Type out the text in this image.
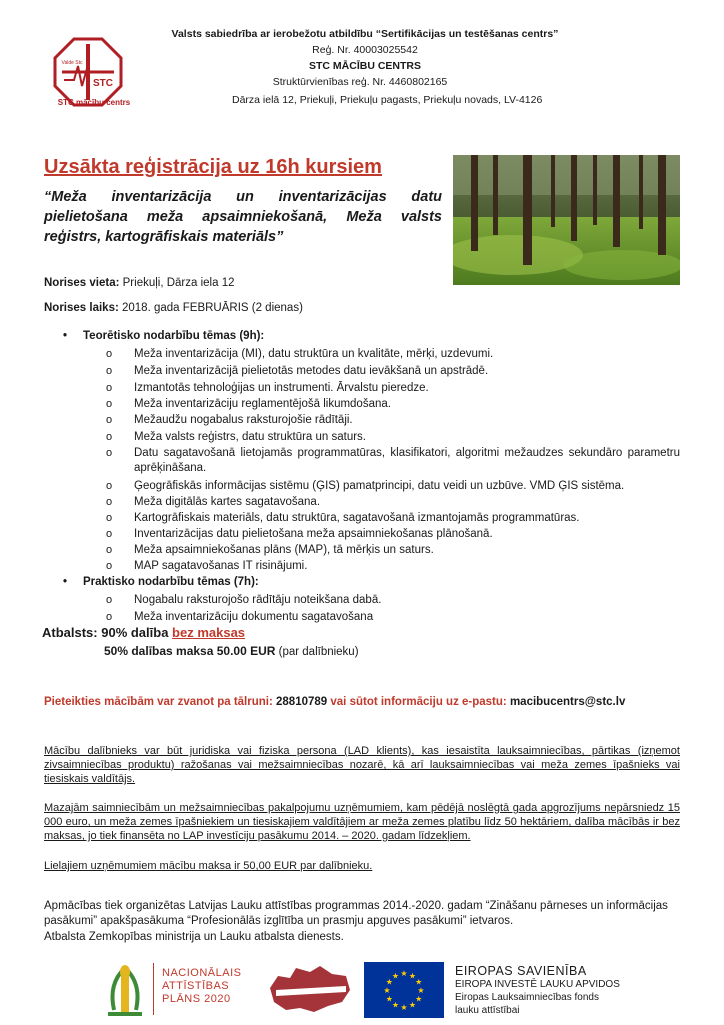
STC
Valde Stc
STC mācību centrs
Valsts sabiedrība ar ierobežotu atbildību “Sertifikācijas un testēšanas centrs”
Reģ. Nr. 40003025542
STC MĀCĪBU CENTRS
Struktūrvienības reģ. Nr. 4460802165
Dārza ielā 12, Priekuļi, Priekuļu pagasts, Priekuļu novads, LV-4126
Uzsākta reģistrācija uz 16h kursiem
“Meža inventarizācija un inventarizācijas datu
pielietošana meža apsaimniekošanā, Meža valsts
reģistrs, kartogrāfiskais materiāls”
Norises vieta: Priekuļi, Dārza iela 12
Norises laiks: 2018. gada FEBRUĀRIS (2 dienas)
• Teorētisko nodarbību tēmas (9h):
o Meža inventarizācija (MI), datu struktūra un kvalitāte, mērķi, uzdevumi.
o Meža inventarizācijā pielietotās metodes datu ievākšanā un apstrādē.
o Izmantotās tehnoloģijas un instrumenti. Ārvalstu pieredze.
o Meža inventarizāciju reglamentējošā likumdošana.
o Mežaudžu nogabalus raksturojošie rādītāji.
o Meža valsts reģistrs, datu struktūra un saturs.
o Datu sagatavošanā lietojamās programmatūras, klasifikatori, algoritmi mežaudzes sekundāro parametru aprēķināšana.
o Ģeogrāfiskās informācijas sistēmu (ĢIS) pamatprincipi, datu veidi un uzbūve. VMD ĢIS sistēma.
o Meža digitālās kartes sagatavošana.
o Kartogrāfiskais materiāls, datu struktūra, sagatavošanā izmantojamās programmatūras.
o Inventarizācijas datu pielietošana meža apsaimniekošanas plānošanā.
o Meža apsaimniekošanas plāns (MAP), tā mērķis un saturs.
o MAP sagatavošanas IT risinājumi.
• Praktisko nodarbību tēmas (7h):
o Nogabalu raksturojošo rādītāju noteikšana dabā.
o Meža inventarizāciju dokumentu sagatavošana
Atbalsts: 90% dalība bez maksas
50% dalības maksa 50.00 EUR (par dalībnieku)
Pieteikties mācībām var zvanot pa tālruni: 28810789 vai sūtot informāciju uz e-pastu: macibucentrs@stc.lv
Mācību dalībnieks var būt juridiska vai fiziska persona (LAD klients), kas iesaistīta lauksaimniecības, pārtikas (izņemot zivsaimniecības produktu) ražošanas vai mežsaimniecības nozarē, kā arī lauksaimniecības vai meža zemes īpašnieks vai tiesiskais valdītājs.
Mazajām saimniecībām un mežsaimniecības pakalpojumu uzņēmumiem, kam pēdējā noslēgtā gada apgrozījums nepārsniedz 15 000 euro, un meža zemes īpašniekiem un tiesiskajiem valdītājiem ar meža zemes platību līdz 50 hektāriem, dalība mācībās ir bez maksas, jo tiek finansēta no LAP investīciju pasākumu 2014. – 2020. gadam līdzekļiem.
Lielajiem uzņēmumiem mācību maksa ir 50,00 EUR par dalībnieku.
Apmācības tiek organizētas Latvijas Lauku attīstības programmas 2014.-2020. gadam “Zināšanu pārneses un informācijas pasākumi” apakšpasākuma “Profesionālās izglītība un prasmju apguves pasākumi” ietvaros.
Atbalsta Zemkopības ministrija un Lauku atbalsta dienests.
NACIONĀLAIS
ATTĪSTĪBAS
PLĀNS 2020
★ ★
★
★
★
★
★
★
★
★
★
★	EIROPAS SAVIENĪBA
EIROPA INVESTĒ LAUKU APVIDOS
Eiropas Lauksaimniecības fonds
lauku attīstībai
